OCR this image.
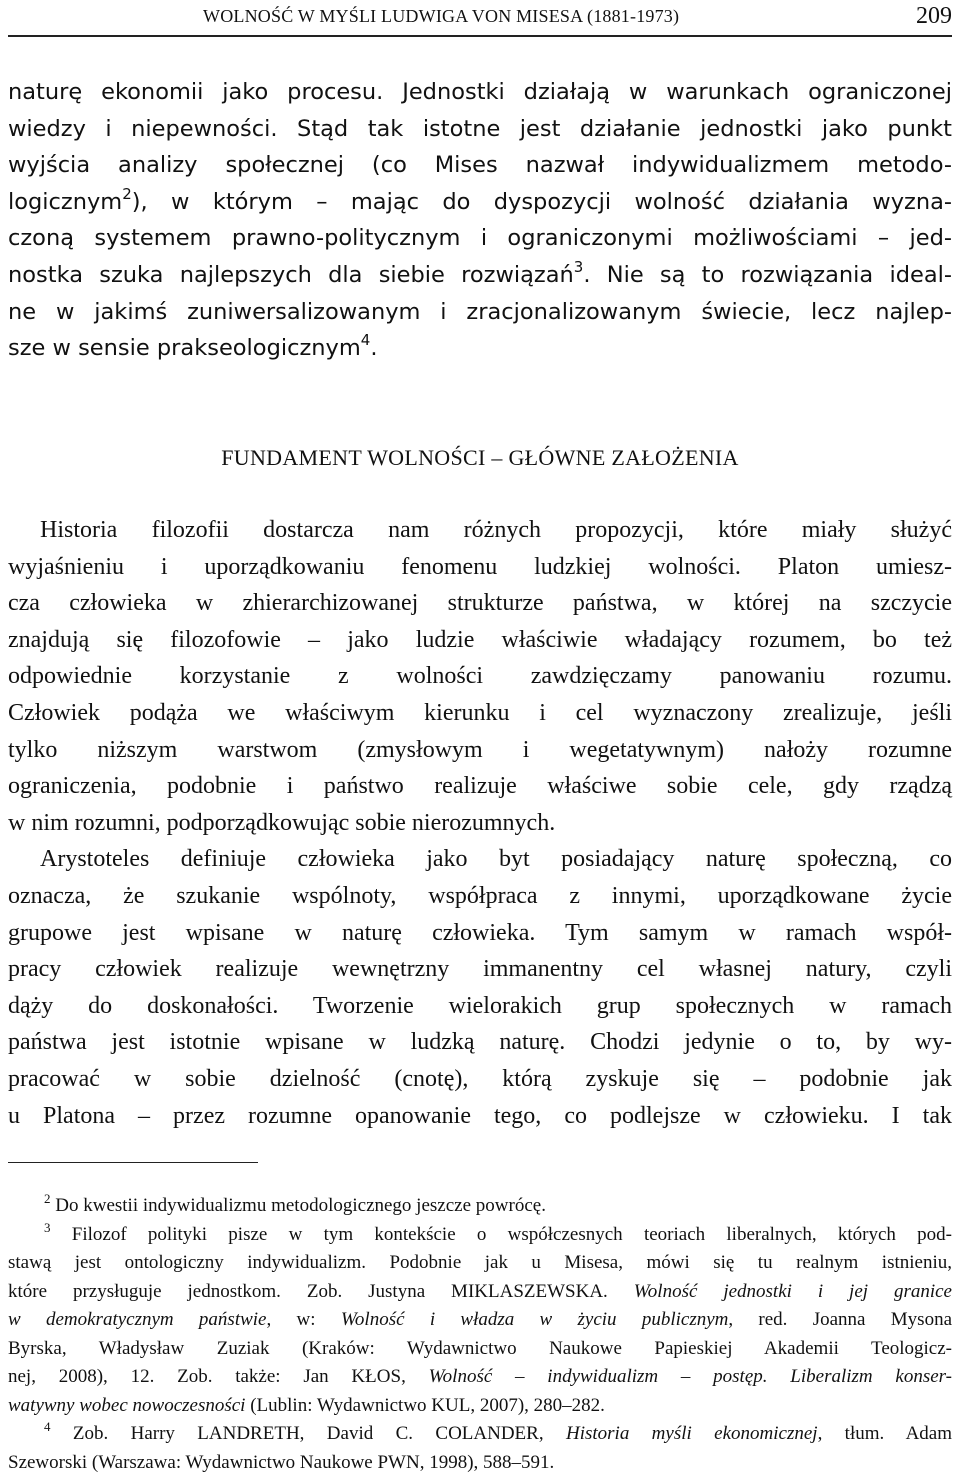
WOLNOŚĆ W MYŚLI LUDWIGA VON MISESA (1881-1973)	209
naturę ekonomii jako procesu. Jednostki działają w warunkach ograniczonej
wiedzy i niepewności. Stąd tak istotne jest działanie jednostki jako punkt
wyjścia analizy społecznej (co Mises nazwał indywidualizmem metodo-
logicznym$^2$), w którym – mając do dyspozycji wolność działania wyzna-
czoną systemem prawno-politycznym i ograniczonymi możliwościami – jed-
nostka szuka najlepszych dla siebie rozwiązań$^3$. Nie są to rozwiązania ideal-
ne w jakimś zuniwersalizowanym i zracjonalizowanym świecie, lecz najlep-
sze w sensie prakseologicznym$^4$.
FUNDAMENT WOLNOŚCI – GŁÓWNE ZAŁOŻENIA
Historia filozofii dostarcza nam różnych propozycji, które miały służyć
wyjaśnieniu i uporządkowaniu fenomenu ludzkiej wolności. Platon umiesz-
cza człowieka w zhierarchizowanej strukturze państwa, w której na szczycie
znajdują się filozofowie – jako ludzie właściwie władający rozumem, bo też
odpowiednie korzystanie z wolności zawdzięczamy panowaniu rozumu.
Człowiek podąża we właściwym kierunku i cel wyznaczony zrealizuje, jeśli
tylko niższym warstwom (zmysłowym i wegetatywnym) nałoży rozumne
ograniczenia, podobnie i państwo realizuje właściwe sobie cele, gdy rządzą
w nim rozumni, podporządkowując sobie nierozumnych.
Arystoteles definiuje człowieka jako byt posiadający naturę społeczną, co
oznacza, że szukanie wspólnoty, współpraca z innymi, uporządkowane życie
grupowe jest wpisane w naturę człowieka. Tym samym w ramach współ-
pracy człowiek realizuje wewnętrzny immanentny cel własnej natury, czyli
dąży do doskonałości. Tworzenie wielorakich grup społecznych w ramach
państwa jest istotnie wpisane w ludzką naturę. Chodzi jedynie o to, by wy-
pracować w sobie dzielność (cnotę), którą zyskuje się – podobnie jak
u Platona – przez rozumne opanowanie tego, co podlejsze w człowieku. I tak
$^2$ Do kwestii indywidualizmu metodologicznego jeszcze powrócę.
$^3$ Filozof polityki pisze w tym kontekście o współczesnych teoriach liberalnych, których pod-
stawą jest ontologiczny indywidualizm. Podobnie jak u Misesa, mówi się tu realnym istnieniu,
które przysługuje jednostkom. Zob. Justyna MIKLASZEWSKA. Wolność jednostki i jej granice
w demokratycznym państwie, w: Wolność i władza w życiu publicznym, red. Joanna Mysona
Byrska, Władysław Zuziak (Kraków: Wydawnictwo Naukowe Papieskiej Akademii Teologicz-
nej, 2008), 12. Zob. także: Jan KŁOS, Wolność – indywidualizm – postęp. Liberalizm konser-
watywny wobec nowoczesności (Lublin: Wydawnictwo KUL, 2007), 280–282.
$^4$ Zob. Harry LANDRETH, David C. COLANDER, Historia myśli ekonomicznej, tłum. Adam
Szeworski (Warszawa: Wydawnictwo Naukowe PWN, 1998), 588–591.
